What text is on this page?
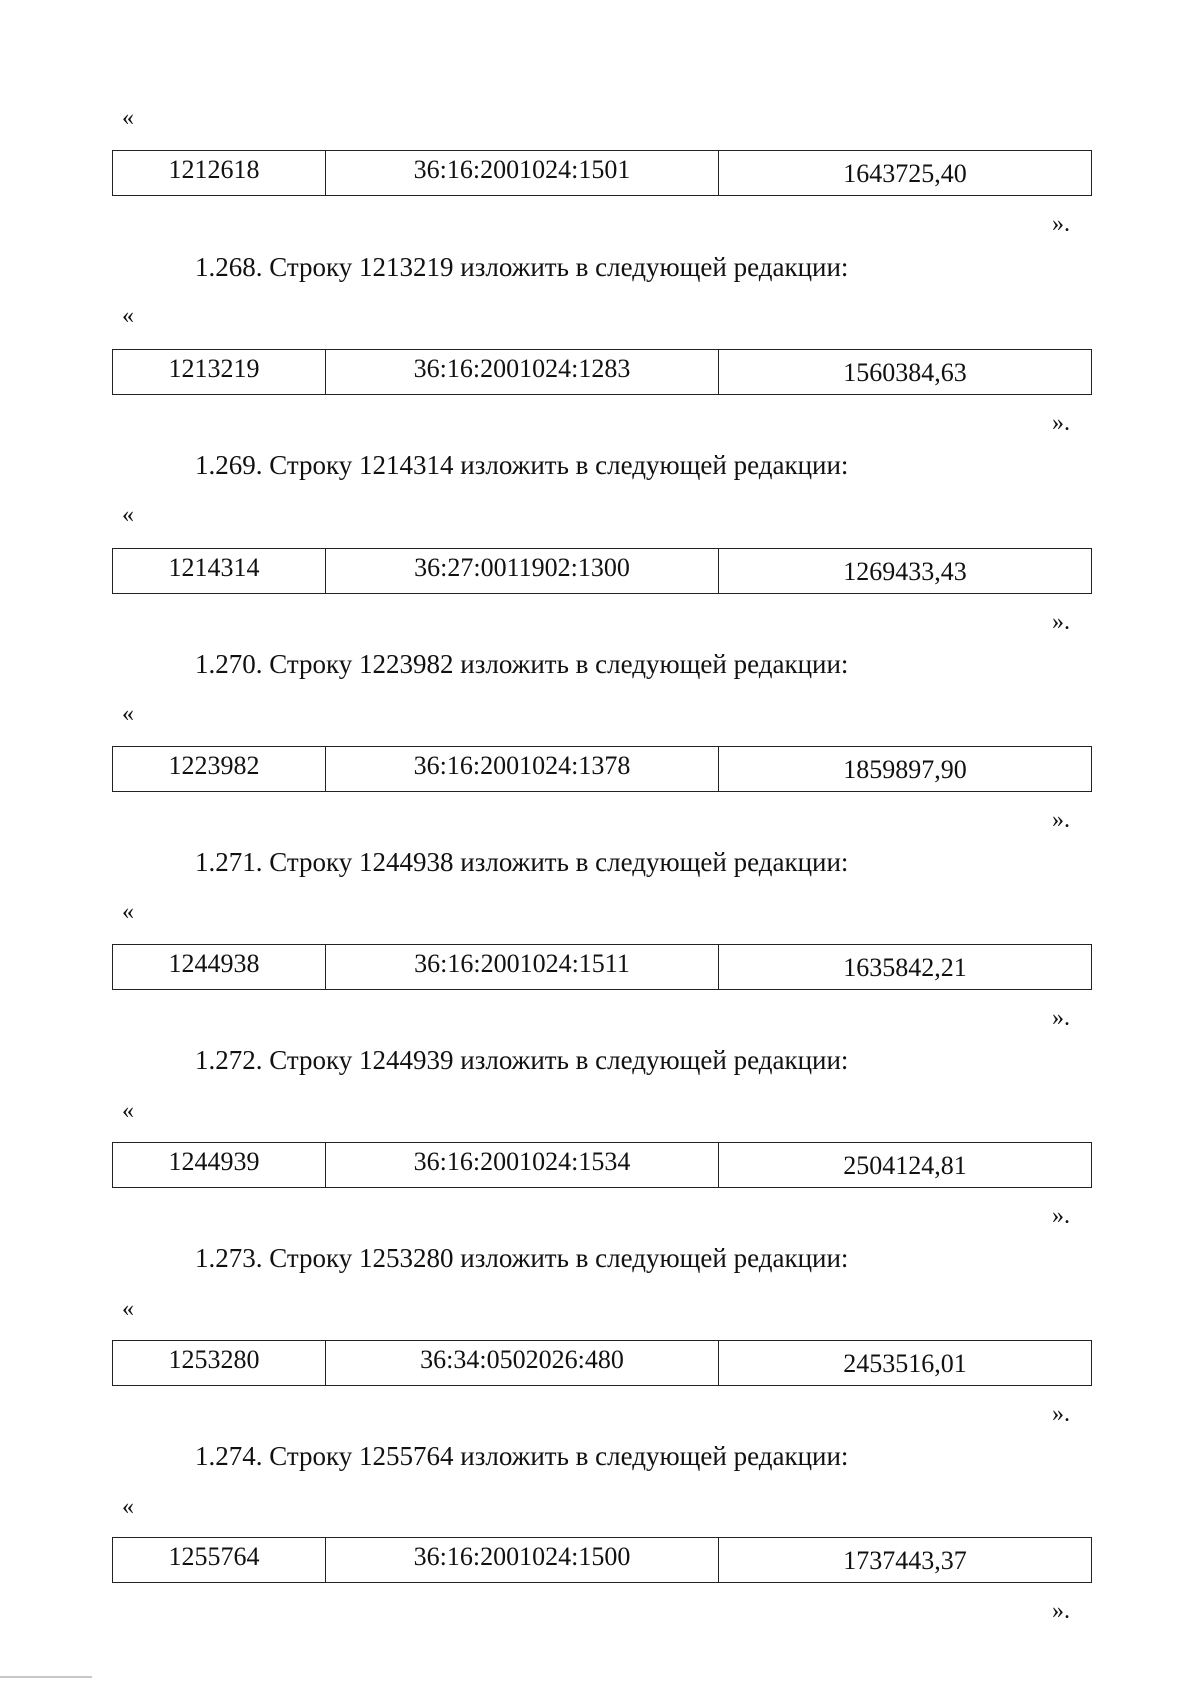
«
1212618	36:16:2001024:1501	1643725,40
».
1.268. Строку 1213219 изложить в следующей редакции:
«
1213219	36:16:2001024:1283	1560384,63
».
1.269. Строку 1214314 изложить в следующей редакции:
«
1214314	36:27:0011902:1300	1269433,43
».
1.270. Строку 1223982 изложить в следующей редакции:
«
1223982	36:16:2001024:1378	1859897,90
».
1.271. Строку 1244938 изложить в следующей редакции:
«
1244938	36:16:2001024:1511	1635842,21
».
1.272. Строку 1244939 изложить в следующей редакции:
«
1244939	36:16:2001024:1534	2504124,81
».
1.273. Строку 1253280 изложить в следующей редакции:
«
1253280	36:34:0502026:480	2453516,01
».
1.274. Строку 1255764 изложить в следующей редакции:
«
1255764	36:16:2001024:1500	1737443,37
».
